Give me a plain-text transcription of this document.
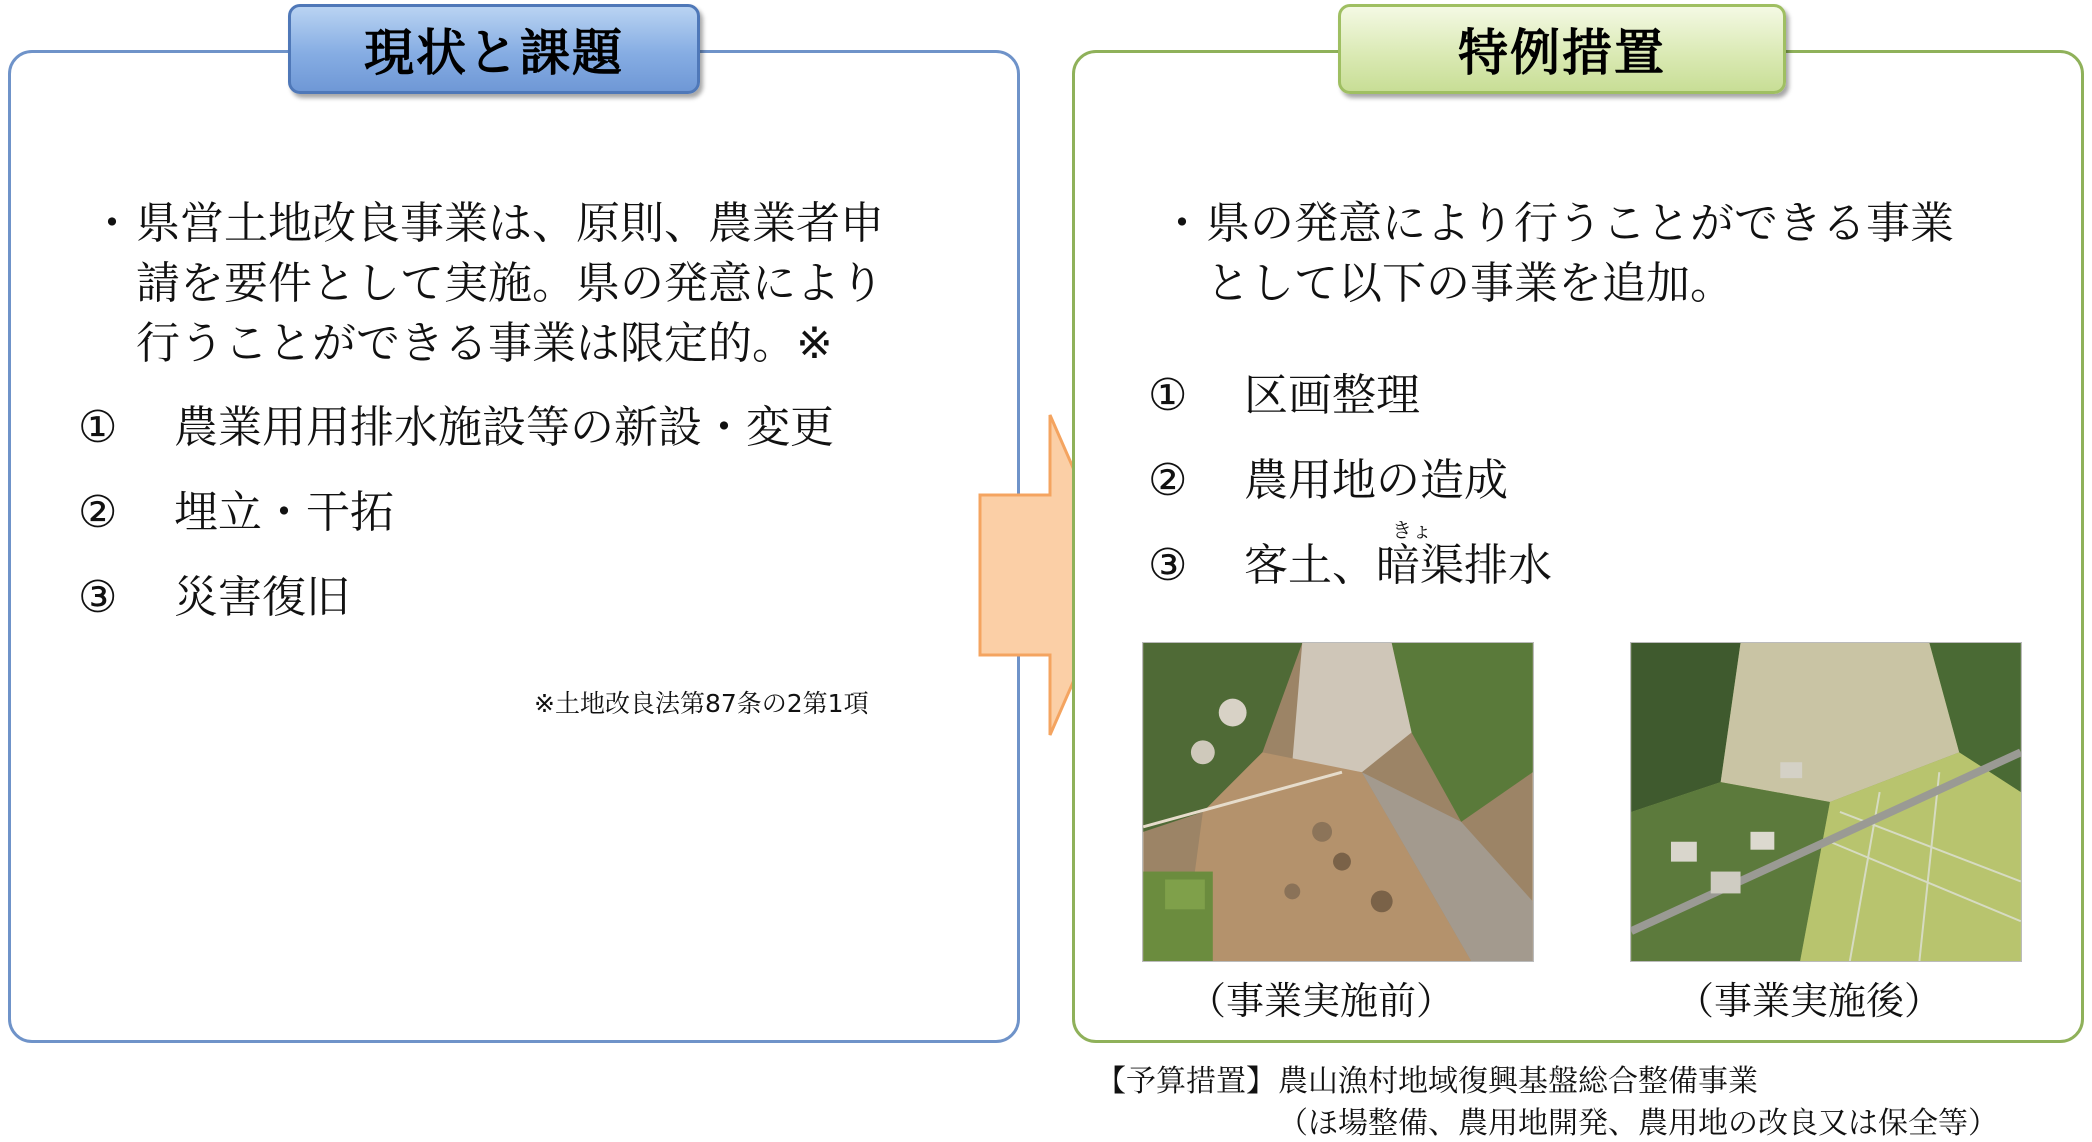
現状と課題
・ 県営土地改良事業は、原則、農業者申
請を要件として実施。県の発意により
行うことができる事業は限定的。※
①	農業用用排水施設等の新設・変更
②	埋立・干拓
③	災害復旧
※土地改良法第87条の2第1項
特例措置
・ 県の発意により行うことができる事業
として以下の事業を追加。
①	区画整理
②	農用地の造成
③	客土、暗渠排水
きょ
（事業実施前）	（事業実施後）
【予算措置】 農山漁村地域復興基盤総合整備事業
（ほ場整備、農用地開発、農用地の改良又は保全等）
